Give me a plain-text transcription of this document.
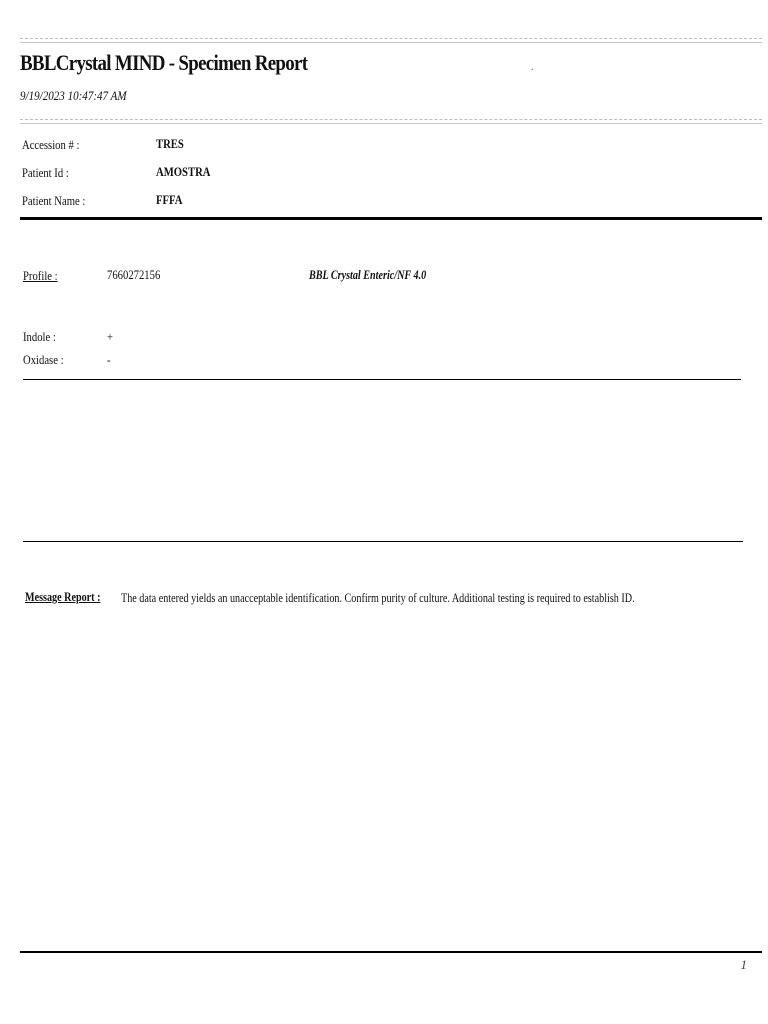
BBLCrystal MIND - Specimen Report	.
9/19/2023 10:47:47 AM
Accession # :	TRES
Patient Id :	AMOSTRA
Patient Name :	FFFA
Profile :	7660272156	BBL Crystal Enteric/NF 4.0
Indole :	+
Oxidase :	-
Message Report : The data entered yields an unacceptable identification. Confirm purity of culture. Additional testing is required to establish ID.
1
